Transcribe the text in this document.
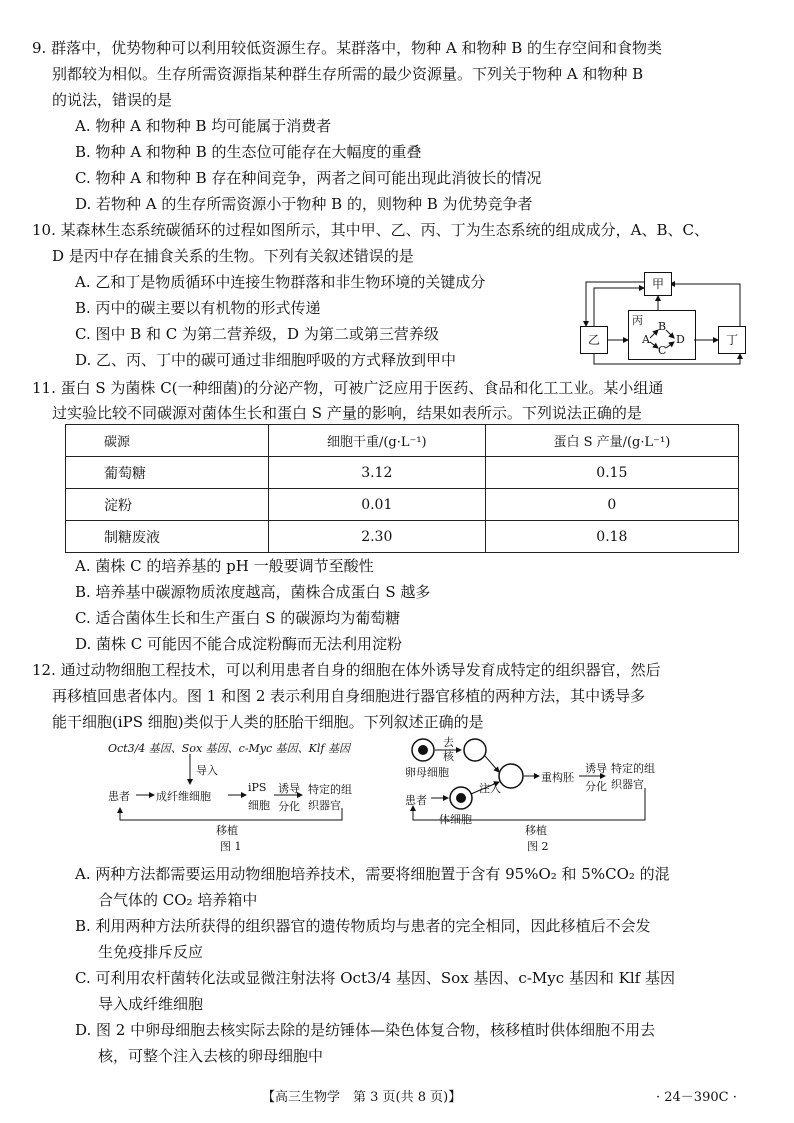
9. 群落中，优势物种可以利用较低资源生存。某群落中，物种 A 和物种 B 的生存空间和食物类
别都较为相似。生存所需资源指某种群生存所需的最少资源量。下列关于物种 A 和物种 B
的说法，错误的是
A. 物种 A 和物种 B 均可能属于消费者
B. 物种 A 和物种 B 的生态位可能存在大幅度的重叠
C. 物种 A 和物种 B 存在种间竞争，两者之间可能出现此消彼长的情况
D. 若物种 A 的生存所需资源小于物种 B 的，则物种 B 为优势竞争者
10. 某森林生态系统碳循环的过程如图所示，其中甲、乙、丙、丁为生态系统的组成成分，A、B、C、
D 是丙中存在捕食关系的生物。下列有关叙述错误的是
A. 乙和丁是物质循环中连接生物群落和非生物环境的关键成分
B. 丙中的碳主要以有机物的形式传递
C. 图中 B 和 C 为第二营养级，D 为第二或第三营养级
D. 乙、丙、丁中的碳可通过非细胞呼吸的方式释放到甲中
甲
乙
丙
A
B
C
D	丁
11. 蛋白 S 为菌株 C(一种细菌)的分泌产物，可被广泛应用于医药、食品和化工工业。某小组通
过实验比较不同碳源对菌体生长和蛋白 S 产量的影响，结果如表所示。下列说法正确的是
碳源	细胞干重/(g·L⁻¹)	蛋白 S 产量/(g·L⁻¹)
葡萄糖	3.12	0.15
淀粉	0.01	0
制糖废液	2.30	0.18
A. 菌株 C 的培养基的 pH 一般要调节至酸性
B. 培养基中碳源物质浓度越高，菌株合成蛋白 S 越多
C. 适合菌体生长和生产蛋白 S 的碳源均为葡萄糖
D. 菌株 C 可能因不能合成淀粉酶而无法利用淀粉
12. 通过动物细胞工程技术，可以利用患者自身的细胞在体外诱导发育成特定的组织器官，然后
再移植回患者体内。图 1 和图 2 表示利用自身细胞进行器官移植的两种方法，其中诱导多
能干细胞(iPS 细胞)类似于人类的胚胎干细胞。下列叙述正确的是
Oct3/4 基因、Sox 基因、c-Myc 基因、Klf 基因
导入
患者 成纤维细胞
iPS
细胞
诱导
分化
特定的组
织器官
移植
图 1
去
核
卵母细胞
注入
重构胚
诱导
分化
特定的组
织器官
患者
体细胞
移植
图 2
A. 两种方法都需要运用动物细胞培养技术，需要将细胞置于含有 95%O₂ 和 5%CO₂ 的混
合气体的 CO₂ 培养箱中
B. 利用两种方法所获得的组织器官的遗传物质均与患者的完全相同，因此移植后不会发
生免疫排斥反应
C. 可利用农杆菌转化法或显微注射法将 Oct3/4 基因、Sox 基因、c-Myc 基因和 Klf 基因
导入成纤维细胞
D. 图 2 中卵母细胞去核实际去除的是纺锤体—染色体复合物，核移植时供体细胞不用去
核，可整个注入去核的卵母细胞中
【高三生物学　第 3 页(共 8 页)】	· 24－390C ·
